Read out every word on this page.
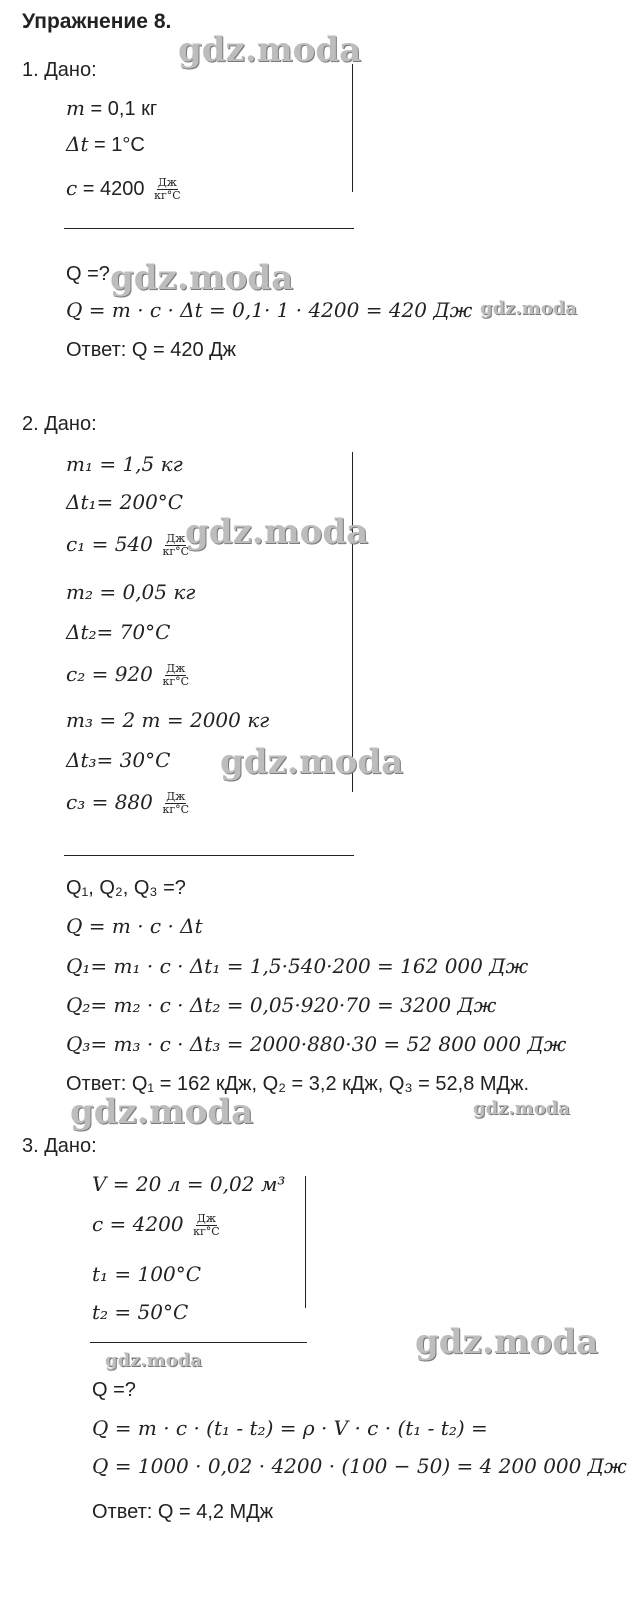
Упражнение 8.
1. Дано:
m = 0,1 кг
Δt = 1°С
$c = 4200 \frac{Дж}{кг^\circ С}$
Q =?
Q = m · c · Δt = 0,1· 1 · 4200 = 420 Дж
Ответ: Q = 420 Дж
2. Дано:
m₁ = 1,5 кг
Δt₁= 200°С
$c_1 = 540 \frac{Дж}{кг^\circ С}$
m₂ = 0,05 кг
Δt₂= 70°С
$c_2 = 920 \frac{Дж}{кг^\circ С}$
m₃ = 2 т = 2000 кг
Δt₃= 30°С
$c_3 = 880 \frac{Дж}{кг^\circ С}$
Q₁, Q₂, Q₃ =?
Q = m · c · Δt
Q₁= m₁ · c · Δt₁ = 1,5·540·200 = 162 000 Дж
Q₂= m₂ · c · Δt₂ = 0,05·920·70 = 3200 Дж
Q₃= m₃ · c · Δt₃ = 2000·880·30 = 52 800 000 Дж
Ответ: Q₁ = 162 кДж, Q₂ = 3,2 кДж, Q₃ = 52,8 МДж.
3. Дано:
V = 20 л = 0,02 м³
$c = 4200 \frac{Дж}{кг^\circ С}$
t₁ = 100°С
t₂ = 50°С
Q =?
Q = m · c · (t₁ - t₂) = ρ · V · c · (t₁ - t₂) =
Q = 1000 · 0,02 · 4200 · (100 − 50) = 4 200 000 Дж
Ответ: Q = 4,2 МДж
gdz.moda
gdz.moda
gdz.moda
gdz.moda
gdz.moda
gdz.moda	gdz.moda
gdz.moda
gdz.moda
